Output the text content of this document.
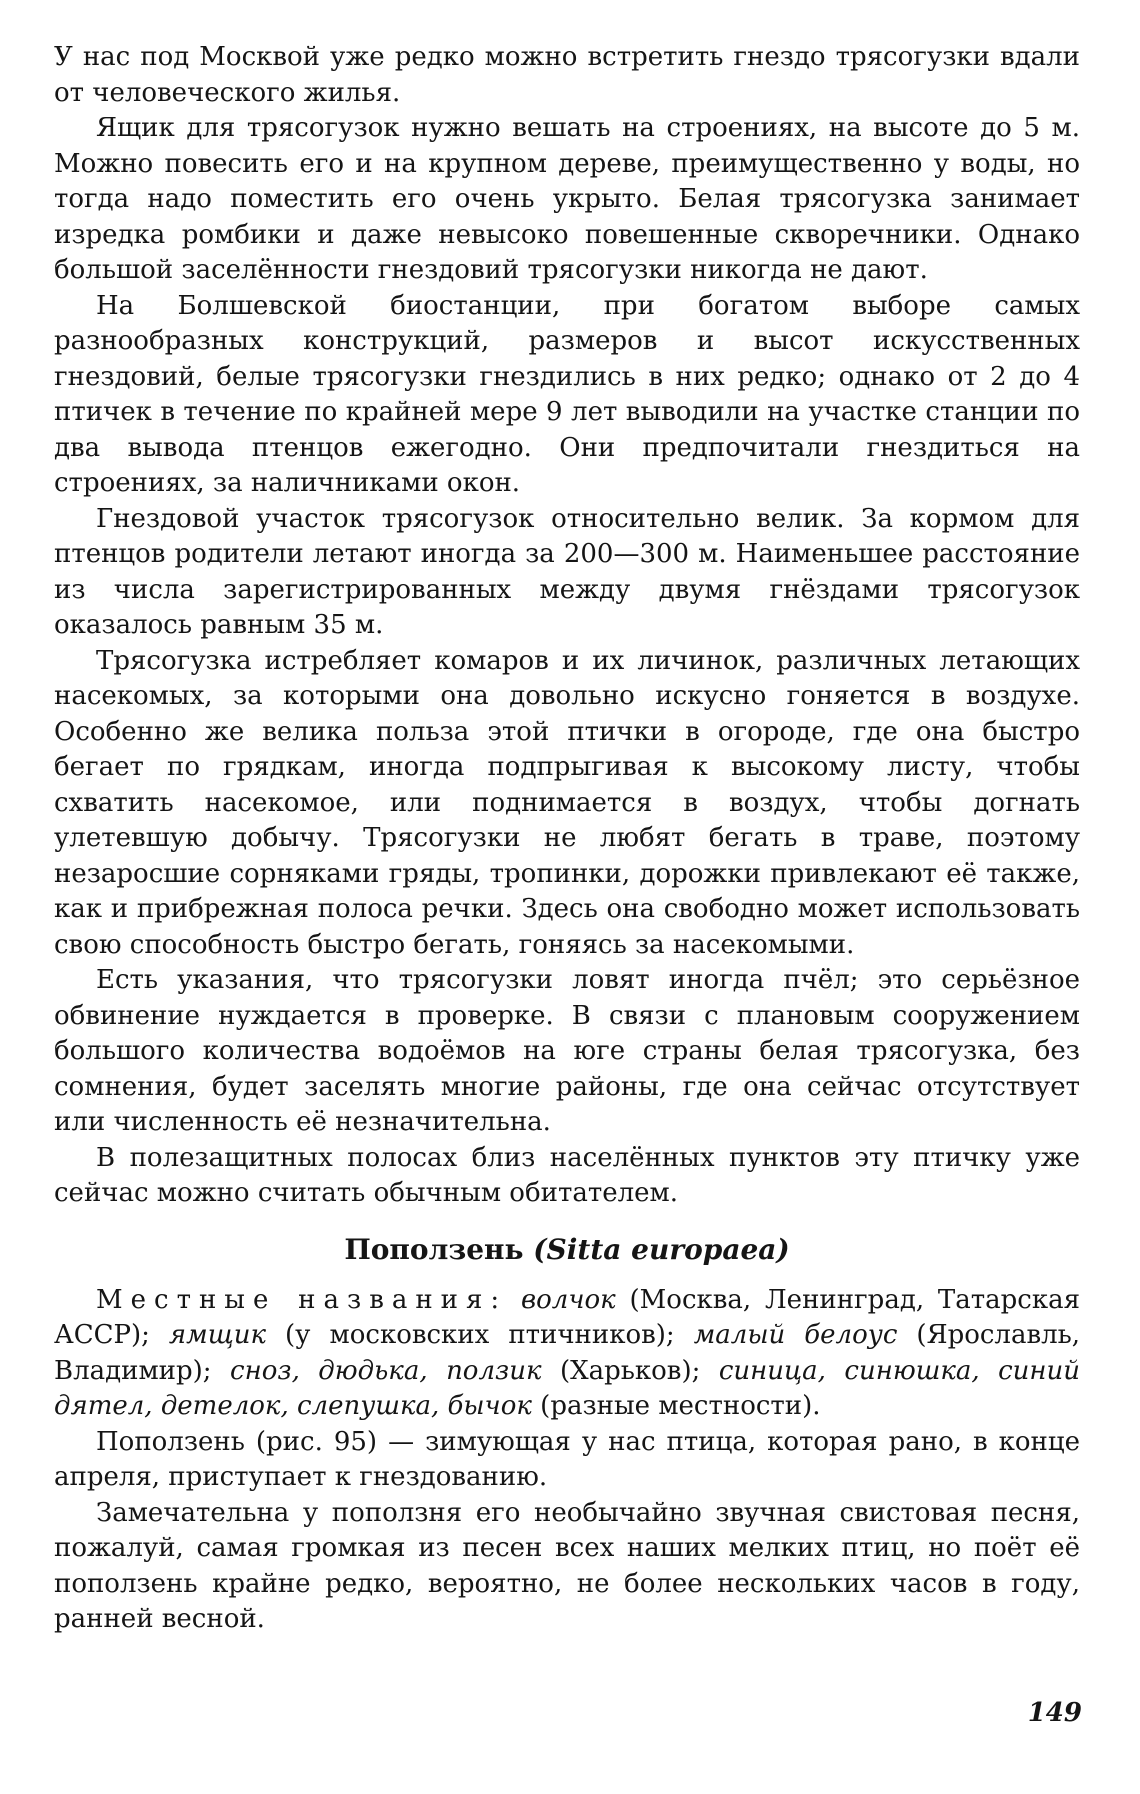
У нас под Москвой уже редко можно встретить гнездо трясогузки вдали от человеческого жилья.

Ящик для трясогузок нужно вешать на строениях, на высоте до 5 м. Можно повесить его и на крупном дереве, преимущественно у воды, но тогда надо поместить его очень укрыто. Белая трясогузка занимает изредка ромбики и даже невысоко повешенные скворечники. Однако большой заселённости гнездовий трясогузки никогда не дают.

На Болшевской биостанции, при богатом выборе самых разнообразных конструкций, размеров и высот искусственных гнездовий, белые трясогузки гнездились в них редко; однако от 2 до 4 птичек в течение по крайней мере 9 лет выводили на участке станции по два вывода птенцов ежегодно. Они предпочитали гнездиться на строениях, за наличниками окон.

Гнездовой участок трясогузок относительно велик. За кормом для птенцов родители летают иногда за 200—300 м. Наименьшее расстояние из числа зарегистрированных между двумя гнёздами трясогузок оказалось равным 35 м.

Трясогузка истребляет комаров и их личинок, различных летающих насекомых, за которыми она довольно искусно гоняется в воздухе. Особенно же велика польза этой птички в огороде, где она быстро бегает по грядкам, иногда подпрыгивая к высокому листу, чтобы схватить насекомое, или поднимается в воздух, чтобы догнать улетевшую добычу. Трясогузки не любят бегать в траве, поэтому незаросшие сорняками гряды, тропинки, дорожки привлекают её также, как и прибрежная полоса речки. Здесь она свободно может использовать свою способность быстро бегать, гоняясь за насекомыми.

Есть указания, что трясогузки ловят иногда пчёл; это серьёзное обвинение нуждается в проверке. В связи с плановым сооружением большого количества водоёмов на юге страны белая трясогузка, без сомнения, будет заселять многие районы, где она сейчас отсутствует или численность её незначительна.

В полезащитных полосах близ населённых пунктов эту птичку уже сейчас можно считать обычным обитателем.

Поползень (Sitta europaea)

Местные названия: волчок (Москва, Ленинград, Татарская АССР); ямщик (у московских птичников); малый белоус (Ярославль, Владимир); сноз, дюдька, ползик (Харьков); синица, синюшка, синий дятел, детелок, слепушка, бычок (разные местности).

Поползень (рис. 95) — зимующая у нас птица, которая рано, в конце апреля, приступает к гнездованию.

Замечательна у поползня его необычайно звучная свистовая песня, пожалуй, самая громкая из песен всех наших мелких птиц, но поёт её поползень крайне редко, вероятно, не более нескольких часов в году, ранней весной.

149
